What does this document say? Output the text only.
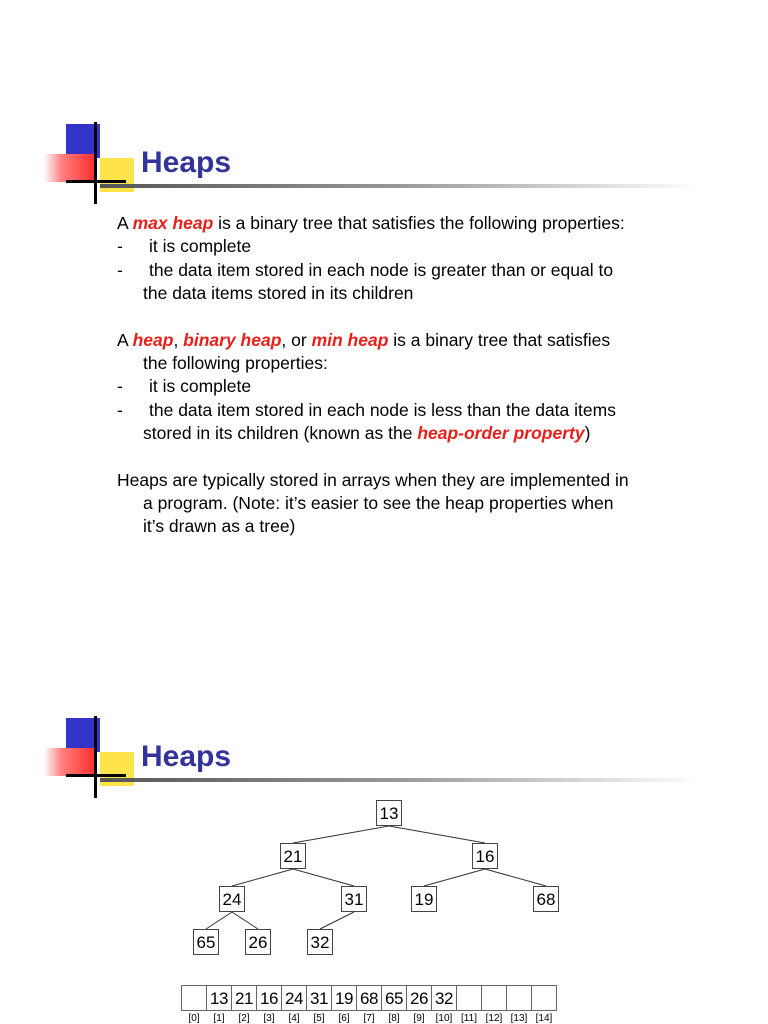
Heaps

A max heap is a binary tree that satisfies the following properties:

-	it is complete
-	the data item stored in each node is greater than or equal to
the data items stored in its children

A heap, binary heap, or min heap is a binary tree that satisfies

the following properties:
-	it is complete
-	the data item stored in each node is less than the data items
stored in its children (known as the heap-order property)

Heaps are typically stored in arrays when they are implemented in

a program. (Note: it’s easier to see the heap properties when
it’s drawn as a tree)
Heaps
13
21	16
24	31	19	68
65 26	32
13 21 16 24 31 19 68 65 26 32
[0]	[1]	[2]	[3]	[4]	[5]	[6]	[7]	[8]	[9]	[10] [11] [12] [13] [14]
